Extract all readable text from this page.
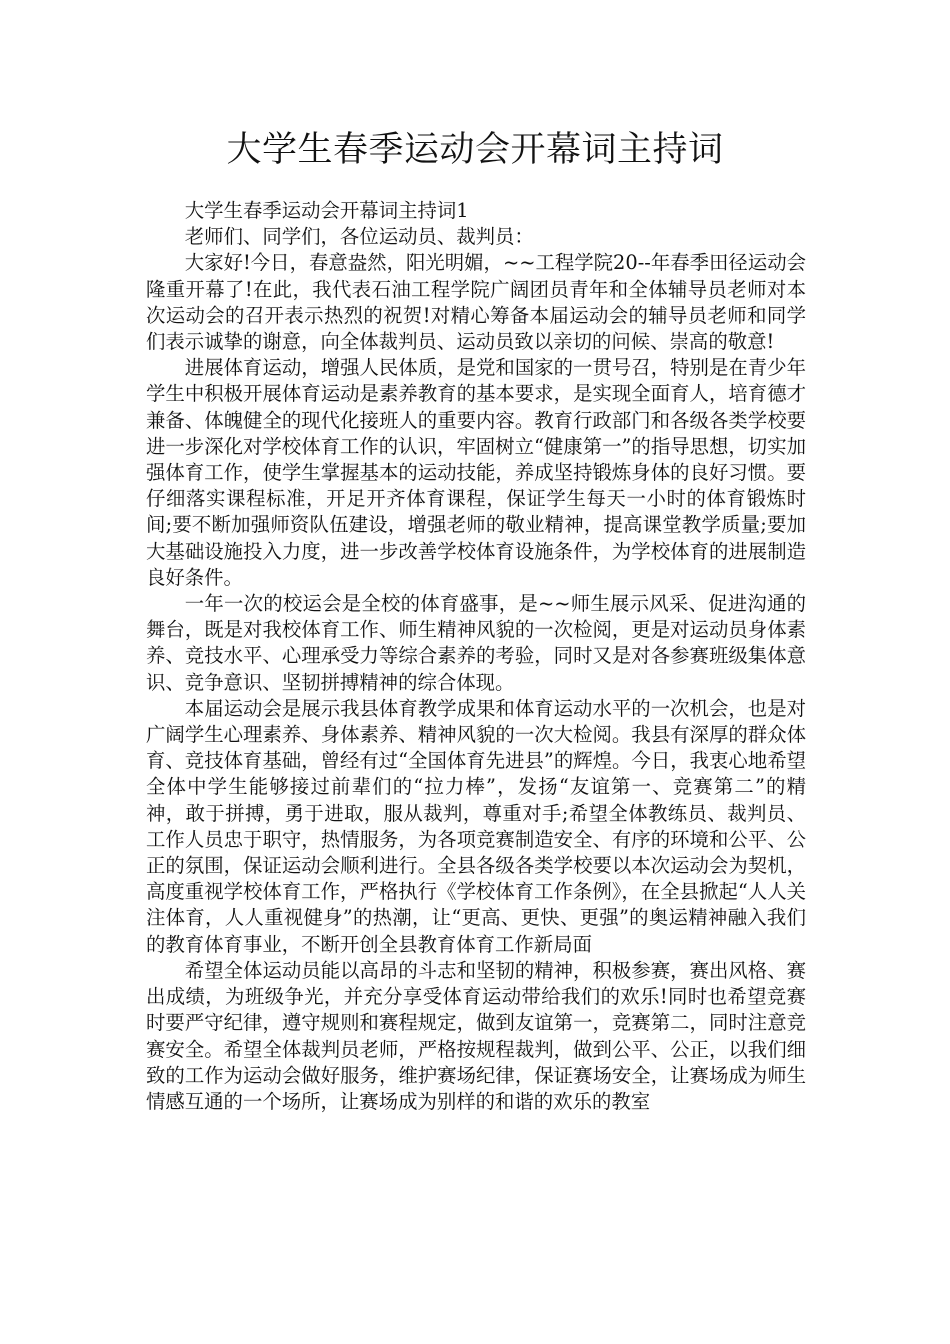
大学生春季运动会开幕词主持词

大学生春季运动会开幕词主持词1

老师们、同学们，各位运动员、裁判员：

大家好!今日，春意盎然，阳光明媚，~~工程学院20--年春季田径运动会隆重开幕了!在此，我代表石油工程学院广阔团员青年和全体辅导员老师对本次运动会的召开表示热烈的祝贺!对精心筹备本届运动会的辅导员老师和同学们表示诚挚的谢意，向全体裁判员、运动员致以亲切的问候、崇高的敬意!

进展体育运动，增强人民体质，是党和国家的一贯号召，特别是在青少年学生中积极开展体育运动是素养教育的基本要求，是实现全面育人，培育德才兼备、体魄健全的现代化接班人的重要内容。教育行政部门和各级各类学校要进一步深化对学校体育工作的认识，牢固树立“健康第一”的指导思想，切实加强体育工作，使学生掌握基本的运动技能，养成坚持锻炼身体的良好习惯。要仔细落实课程标准，开足开齐体育课程，保证学生每天一小时的体育锻炼时间;要不断加强师资队伍建设，增强老师的敬业精神，提高课堂教学质量;要加大基础设施投入力度，进一步改善学校体育设施条件，为学校体育的进展制造良好条件。

一年一次的校运会是全校的体育盛事，是~~师生展示风采、促进沟通的舞台，既是对我校体育工作、师生精神风貌的一次检阅，更是对运动员身体素养、竞技水平、心理承受力等综合素养的考验，同时又是对各参赛班级集体意识、竞争意识、坚韧拼搏精神的综合体现。

本届运动会是展示我县体育教学成果和体育运动水平的一次机会，也是对广阔学生心理素养、身体素养、精神风貌的一次大检阅。我县有深厚的群众体育、竞技体育基础，曾经有过“全国体育先进县”的辉煌。今日，我衷心地希望全体中学生能够接过前辈们的“拉力棒”，发扬“友谊第一、竞赛第二”的精神，敢于拼搏，勇于进取，服从裁判，尊重对手;希望全体教练员、裁判员、工作人员忠于职守，热情服务，为各项竞赛制造安全、有序的环境和公平、公正的氛围，保证运动会顺利进行。全县各级各类学校要以本次运动会为契机，高度重视学校体育工作，严格执行《学校体育工作条例》，在全县掀起“人人关注体育，人人重视健身”的热潮，让“更高、更快、更强”的奥运精神融入我们的教育体育事业，不断开创全县教育体育工作新局面

希望全体运动员能以高昂的斗志和坚韧的精神，积极参赛，赛出风格、赛出成绩，为班级争光，并充分享受体育运动带给我们的欢乐!同时也希望竞赛时要严守纪律，遵守规则和赛程规定，做到友谊第一，竞赛第二，同时注意竞赛安全。希望全体裁判员老师，严格按规程裁判，做到公平、公正，以我们细致的工作为运动会做好服务，维护赛场纪律，保证赛场安全，让赛场成为师生情感互通的一个场所，让赛场成为别样的和谐的欢乐的教室
